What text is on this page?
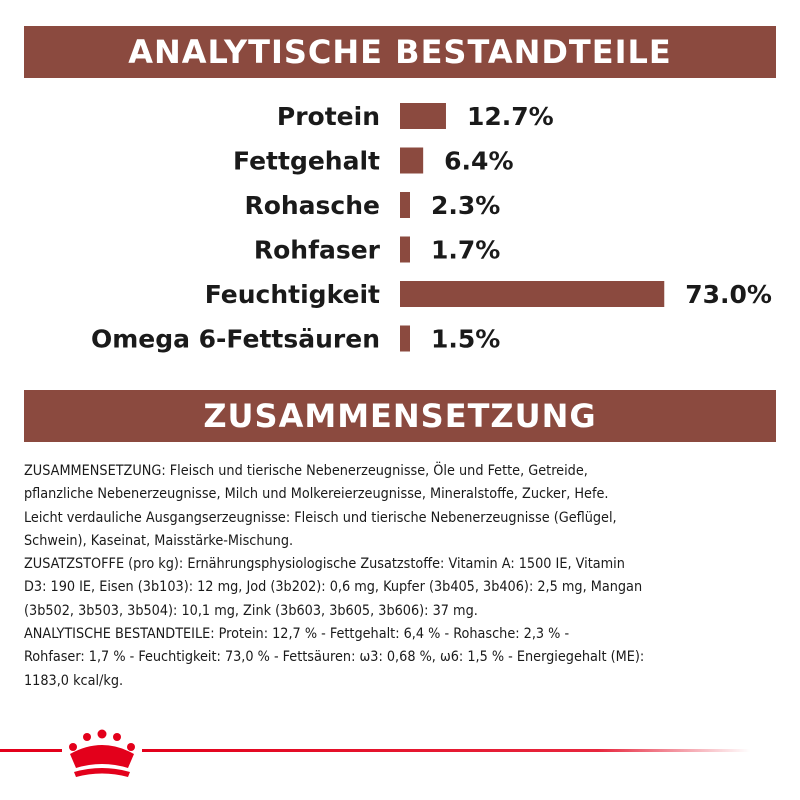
ANALYTISCHE BESTANDTEILE
Protein	12.7%
Fettgehalt	6.4%
Rohasche 2.3%
Rohfaser 1.7%
Feuchtigkeit	73.0%
Omega 6-Fettsäuren 1.5%
ZUSAMMENSETZUNG

ZUSAMMENSETZUNG: Fleisch und tierische Nebenerzeugnisse, Öle und Fette, Getreide,

pflanzliche Nebenerzeugnisse, Milch und Molkereierzeugnisse, Mineralstoffe, Zucker, Hefe.

Leicht verdauliche Ausgangserzeugnisse: Fleisch und tierische Nebenerzeugnisse (Geflügel,

Schwein), Kaseinat, Maisstärke-Mischung.

ZUSATZSTOFFE (pro kg): Ernährungsphysiologische Zusatzstoffe: Vitamin A: 1500 IE, Vitamin

D3: 190 IE, Eisen (3b103): 12 mg, Jod (3b202): 0,6 mg, Kupfer (3b405, 3b406): 2,5 mg, Mangan

(3b502, 3b503, 3b504): 10,1 mg, Zink (3b603, 3b605, 3b606): 37 mg.

ANALYTISCHE BESTANDTEILE: Protein: 12,7 % - Fettgehalt: 6,4 % - Rohasche: 2,3 % -

Rohfaser: 1,7 % - Feuchtigkeit: 73,0 % - Fettsäuren: ω3: 0,68 %, ω6: 1,5 % - Energiegehalt (ME):

1183,0 kcal/kg.
